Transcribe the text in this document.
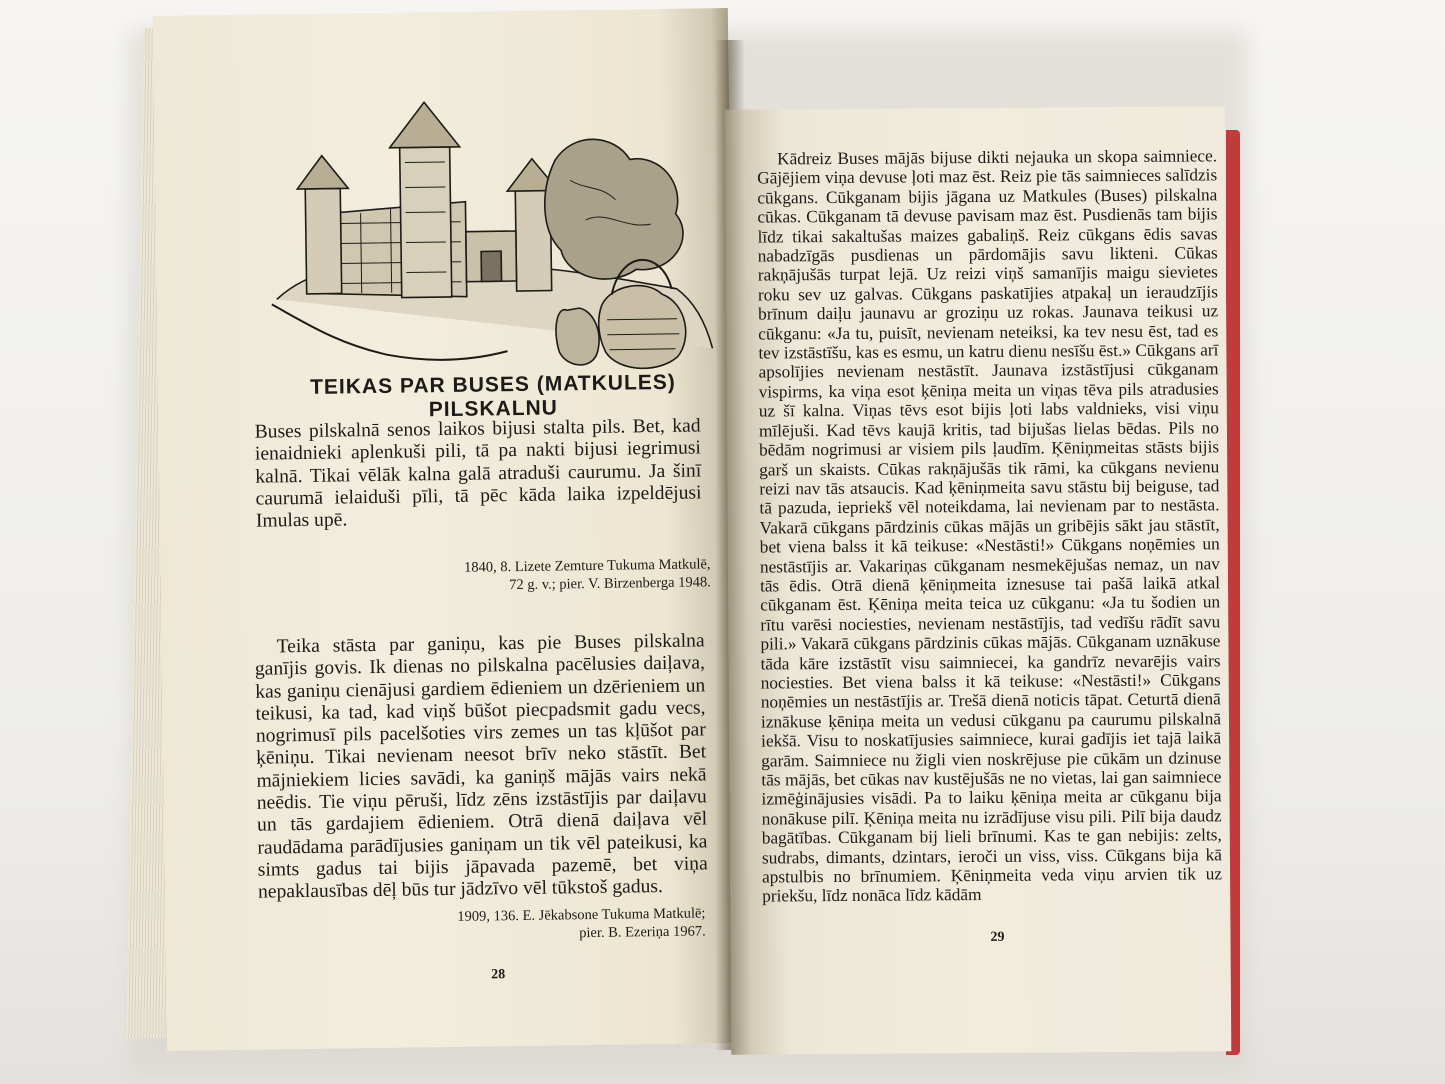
TEIKAS PAR BUSES (MATKULES) PILSKALNU

Buses pilskalnā senos laikos bijusi stalta pils. Bet, kad ienaidnieki aplenkuši pili, tā pa nakti bijusi iegrimusi kalnā. Tikai vēlāk kalna galā atraduši caurumu. Ja šinī caurumā ielaiduši pīli, tā pēc kāda laika izpeldējusi Imulas upē.

1840, 8. Lizete Zemture Tukuma Matkulē, 72 g. v.; pier. V. Birzenberga 1948.

Teika stāsta par ganiņu, kas pie Buses pilskalna ganījis govis. Ik dienas no pilskalna pacēlusies daiļava, kas ganiņu cienājusi gardiem ēdieniem un dzērieniem un teikusi, ka tad, kad viņš būšot piecpadsmit gadu vecs, nogrimusī pils pacelšoties virs zemes un tas kļūšot par ķēniņu. Tikai nevienam neesot brīv neko stāstīt. Bet mājniekiem licies savādi, ka ganiņš mājās vairs nekā neēdis. Tie viņu pēruši, līdz zēns izstāstījis par daiļavu un tās gardajiem ēdieniem. Otrā dienā daiļava vēl raudādama parādījusies ganiņam un tik vēl pateikusi, ka simts gadus tai bijis jāpavada pazemē, bet viņa nepaklausības dēļ būs tur jādzīvo vēl tūkstoš gadus.

1909, 136. E. Jēkabsone Tukuma Matkulē; pier. B. Ezeriņa 1967.

28

Kādreiz Buses mājās bijuse dikti nejauka un skopa saimniece. Gājējiem viņa devuse ļoti maz ēst. Reiz pie tās saimnieces salīdzis cūkgans. Cūkganam bijis jāgana uz Matkules (Buses) pilskalna cūkas. Cūkganam tā devuse pavisam maz ēst. Pusdienās tam bijis līdz tikai sakaltušas maizes gabaliņš. Reiz cūkgans ēdis savas nabadzīgās pusdienas un pārdomājis savu likteni. Cūkas rakņājušās turpat lejā. Uz reizi viņš samanījis maigu sievietes roku sev uz galvas. Cūkgans paskatījies atpakaļ un ieraudzījis brīnum daiļu jaunavu ar groziņu uz rokas. Jaunava teikusi uz cūkganu: «Ja tu, puisīt, nevienam neteiksi, ka tev nesu ēst, tad es tev izstāstīšu, kas es esmu, un katru dienu nesīšu ēst.» Cūkgans arī apsolījies nevienam nestāstīt. Jaunava izstāstījusi cūkganam vispirms, ka viņa esot ķēniņa meita un viņas tēva pils atradusies uz šī kalna. Viņas tēvs esot bijis ļoti labs valdnieks, visi viņu mīlējuši. Kad tēvs kaujā kritis, tad bijušas lielas bēdas. Pils no bēdām nogrimusi ar visiem pils ļaudīm. Ķēniņmeitas stāsts bijis garš un skaists. Cūkas rakņājušās tik rāmi, ka cūkgans nevienu reizi nav tās atsaucis. Kad ķēniņmeita savu stāstu bij beiguse, tad tā pazuda, iepriekš vēl noteikdama, lai nevienam par to nestāsta. Vakarā cūkgans pārdzinis cūkas mājās un gribējis sākt jau stāstīt, bet viena balss it kā teikuse: «Nestāsti!» Cūkgans noņēmies un nestāstījis ar. Vakariņas cūkganam nesmekējušas nemaz, un nav tās ēdis. Otrā dienā ķēniņmeita iznesuse tai pašā laikā atkal cūkganam ēst. Ķēniņa meita teica uz cūkganu: «Ja tu šodien un rītu varēsi nociesties, nevienam nestāstījis, tad vedīšu rādīt savu pili.» Vakarā cūkgans pārdzinis cūkas mājās. Cūkganam uznākuse tāda kāre izstāstīt visu saimniecei, ka gandrīz nevarējis vairs nociesties. Bet viena balss it kā teikuse: «Nestāsti!» Cūkgans noņēmies un nestāstījis ar. Trešā dienā noticis tāpat. Ceturtā dienā iznākuse ķēniņa meita un vedusi cūkganu pa caurumu pilskalnā iekšā. Visu to noskatījusies saimniece, kurai gadījis iet tajā laikā garām. Saimniece nu žigli vien noskrējuse pie cūkām un dzinuse tās mājās, bet cūkas nav kustējušās ne no vietas, lai gan saimniece izmēģinājusies visādi. Pa to laiku ķēniņa meita ar cūkganu bija nonākuse pilī. Ķēniņa meita nu izrādījuse visu pili. Pilī bija daudz bagātības. Cūkganam bij lieli brīnumi. Kas te gan nebijis: zelts, sudrabs, dimants, dzintars, ieroči un viss, viss. Cūkgans bija kā apstulbis no brīnumiem. Ķēniņmeita veda viņu arvien tik uz priekšu, līdz nonāca līdz kādām

29
